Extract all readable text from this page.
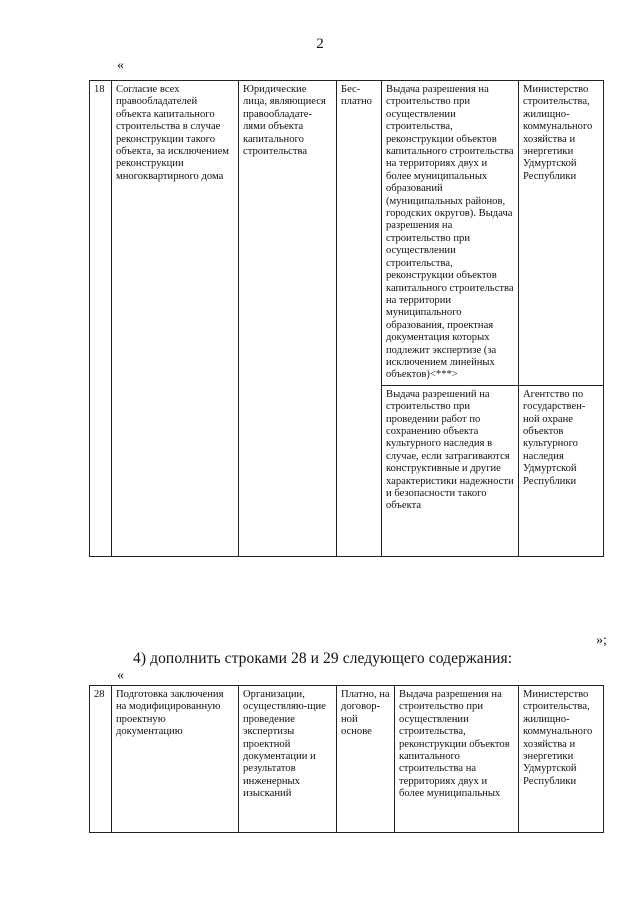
2
«
18	Согласие всех правообладателей объекта капитального строительства в случае реконструкции такого объекта, за исключением реконструкции многоквартирного дома	Юридические лица, являющиеся правообладате-лями объекта капитального строительства	Бес-платно	Выдача разрешения на строительство при осуществлении строительства, реконструкции объектов капитального строительства на территориях двух и более муниципальных образований (муниципальных районов, городских округов). Выдача разрешения на строительство при осуществлении строительства, реконструкции объектов капитального строительства на территории муниципального образования, проектная документация которых подлежит экспертизе (за исключением линейных объектов)<***>	Министерство строительства, жилищно-коммунального хозяйства и энергетики Удмуртской Республики
				Выдача разрешений на строительство при проведении работ по сохранению объекта культурного наследия в случае, если затрагиваются конструктивные и другие характеристики надежности и безопасности такого объекта	Агентство по государствен-ной охране объектов культурного наследия Удмуртской Республики
»;
4) дополнить строками 28 и 29 следующего содержания:
«
28	Подготовка заключения на модифицированную проектную документацию	Организации, осуществляю-щие проведение экспертизы проектной документации и результатов инженерных изысканий	Платно, на договор-ной основе	Выдача разрешения на строительство при осуществлении строительства, реконструкции объектов капитального строительства на территориях двух и более муниципальных	Министерство строительства, жилищно-коммунального хозяйства и энергетики Удмуртской Республики
